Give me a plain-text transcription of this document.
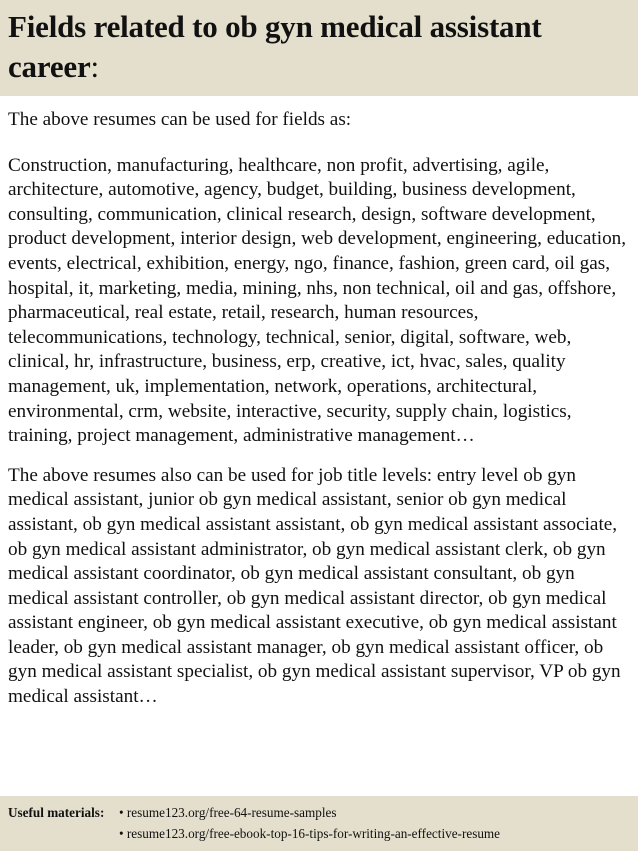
Fields related to ob gyn medical assistant career:

The above resumes can be used for fields as:

Construction, manufacturing, healthcare, non profit, advertising, agile, architecture, automotive, agency, budget, building, business development, consulting, communication, clinical research, design, software development, product development, interior design, web development, engineering, education, events, electrical, exhibition, energy, ngo, finance, fashion, green card, oil gas, hospital, it, marketing, media, mining, nhs, non technical, oil and gas, offshore, pharmaceutical, real estate, retail, research, human resources, telecommunications, technology, technical, senior, digital, software, web, clinical, hr, infrastructure, business, erp, creative, ict, hvac, sales, quality management, uk, implementation, network, operations, architectural, environmental, crm, website, interactive, security, supply chain, logistics, training, project management, administrative management…

The above resumes also can be used for job title levels: entry level ob gyn medical assistant, junior ob gyn medical assistant, senior ob gyn medical assistant, ob gyn medical assistant assistant, ob gyn medical assistant associate, ob gyn medical assistant administrator, ob gyn medical assistant clerk, ob gyn medical assistant coordinator, ob gyn medical assistant consultant, ob gyn medical assistant controller, ob gyn medical assistant director, ob gyn medical assistant engineer, ob gyn medical assistant executive, ob gyn medical assistant leader, ob gyn medical assistant manager, ob gyn medical assistant officer, ob gyn medical assistant specialist, ob gyn medical assistant supervisor, VP ob gyn medical assistant…

Useful materials:	• resume123.org/free-64-resume-samples
• resume123.org/free-ebook-top-16-tips-for-writing-an-effective-resume
